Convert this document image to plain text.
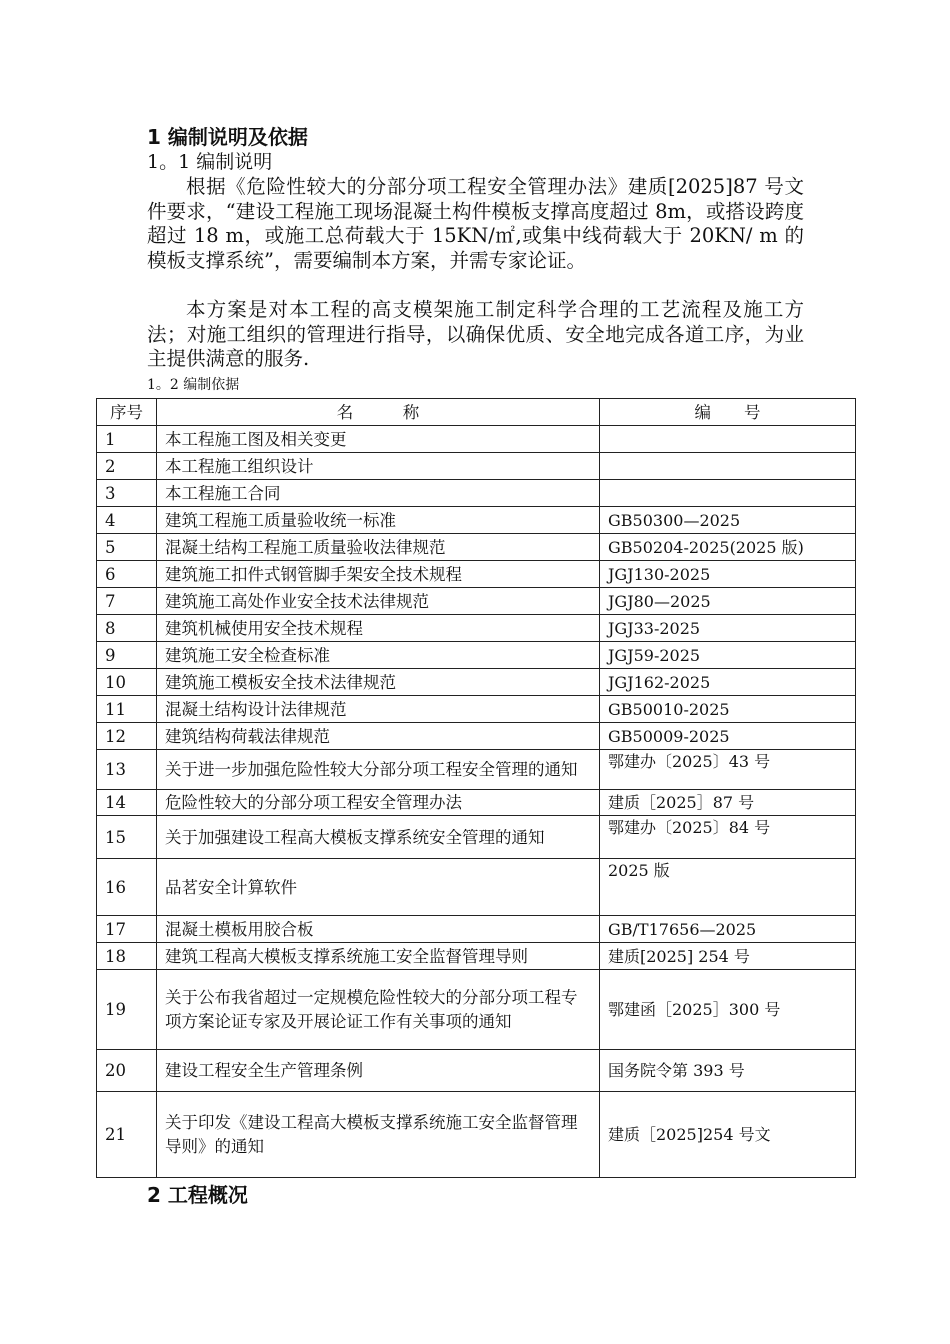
1 编制说明及依据
1。1 编制说明

根据《危险性较大的分部分项工程安全管理办法》建质[2025]87 号文件要求，“建设工程施工现场混凝土构件模板支撑高度超过 8m，或搭设跨度超过 18 m，或施工总荷载大于 15KN/㎡,或集中线荷载大于 20KN/ m 的模板支撑系统”，需要编制本方案，并需专家论证。

本方案是对本工程的高支模架施工制定科学合理的工艺流程及施工方法；对施工组织的管理进行指导，以确保优质、安全地完成各道工序，为业主提供满意的服务.

1。2 编制依据
序号	名　　　称	编　　号
1	本工程施工图及相关变更	
2	本工程施工组织设计	
3	本工程施工合同	
4	建筑工程施工质量验收统一标准	GB50300—2025
5	混凝土结构工程施工质量验收法律规范	GB50204-2025(2025 版)
6	建筑施工扣件式钢管脚手架安全技术规程	JGJ130-2025
7	建筑施工高处作业安全技术法律规范	JGJ80—2025
8	建筑机械使用安全技术规程	JGJ33-2025
9	建筑施工安全检查标准	JGJ59-2025
10	建筑施工模板安全技术法律规范	JGJ162-2025
11	混凝土结构设计法律规范	GB50010-2025
12	建筑结构荷载法律规范	GB50009-2025
13	关于进一步加强危险性较大分部分项工程安全管理的通知	鄂建办〔2025〕43 号
14	危险性较大的分部分项工程安全管理办法	建质［2025］87 号
15	关于加强建设工程高大模板支撑系统安全管理的通知	鄂建办〔2025〕84 号
16	品茗安全计算软件	2025 版
17	混凝土模板用胶合板	GB/T17656—2025
18	建筑工程高大模板支撑系统施工安全监督管理导则	建质[2025] 254 号
19	关于公布我省超过一定规模危险性较大的分部分项工程专项方案论证专家及开展论证工作有关事项的通知	鄂建函［2025］300 号
20	建设工程安全生产管理条例	国务院令第 393 号
21	关于印发《建设工程高大模板支撑系统施工安全监督管理导则》的通知	建质［2025]254 号文
2 工程概况
